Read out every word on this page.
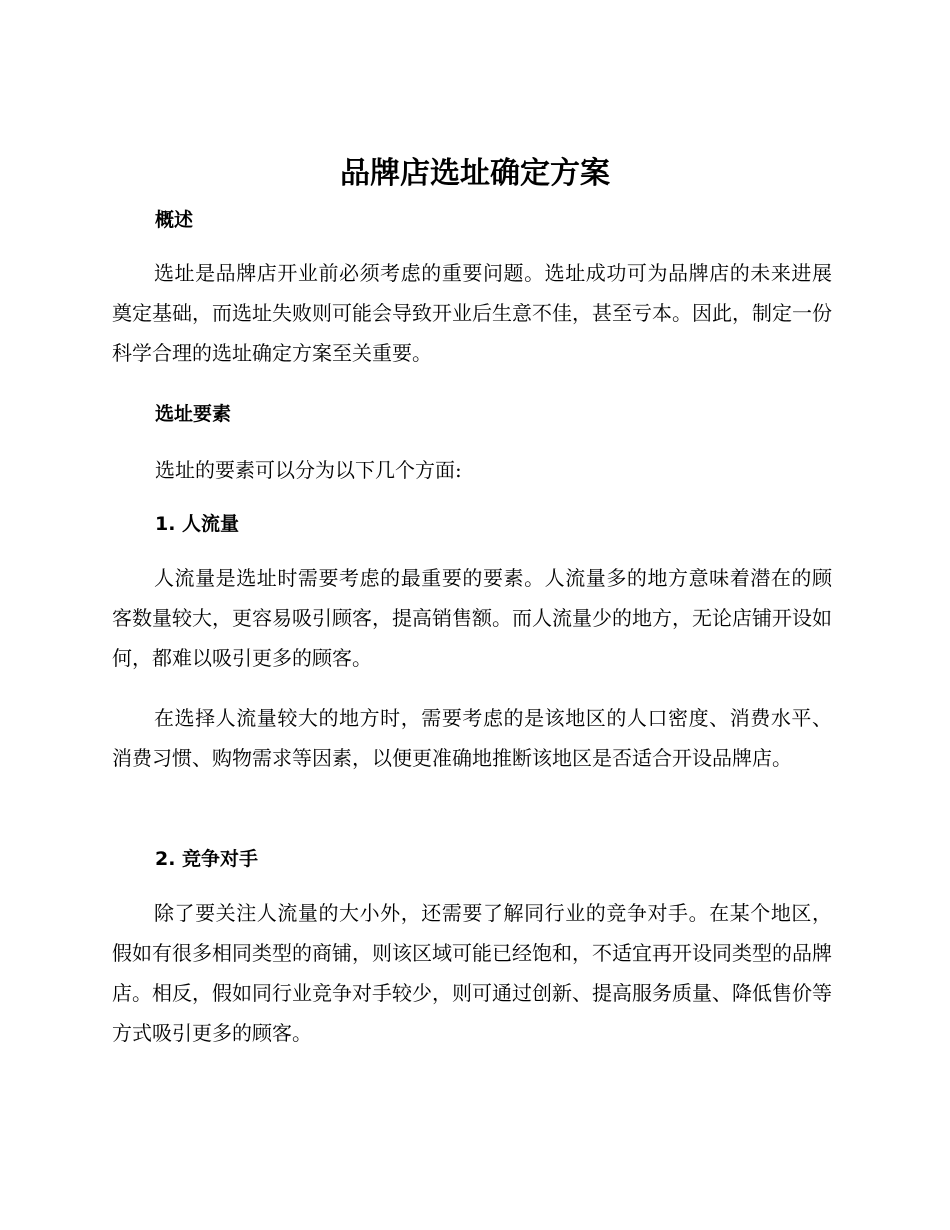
品牌店选址确定方案
概述

选址是品牌店开业前必须考虑的重要问题。选址成功可为品牌店的未来进展奠定基础，而选址失败则可能会导致开业后生意不佳，甚至亏本。因此，制定一份科学合理的选址确定方案至关重要。

选址要素

选址的要素可以分为以下几个方面:

1. 人流量

人流量是选址时需要考虑的最重要的要素。人流量多的地方意味着潜在的顾客数量较大，更容易吸引顾客，提高销售额。而人流量少的地方，无论店铺开设如何，都难以吸引更多的顾客。

在选择人流量较大的地方时，需要考虑的是该地区的人口密度、消费水平、消费习惯、购物需求等因素，以便更准确地推断该地区是否适合开设品牌店。

2. 竞争对手

除了要关注人流量的大小外，还需要了解同行业的竞争对手。在某个地区，假如有很多相同类型的商铺，则该区域可能已经饱和，不适宜再开设同类型的品牌店。相反，假如同行业竞争对手较少，则可通过创新、提高服务质量、降低售价等方式吸引更多的顾客。
